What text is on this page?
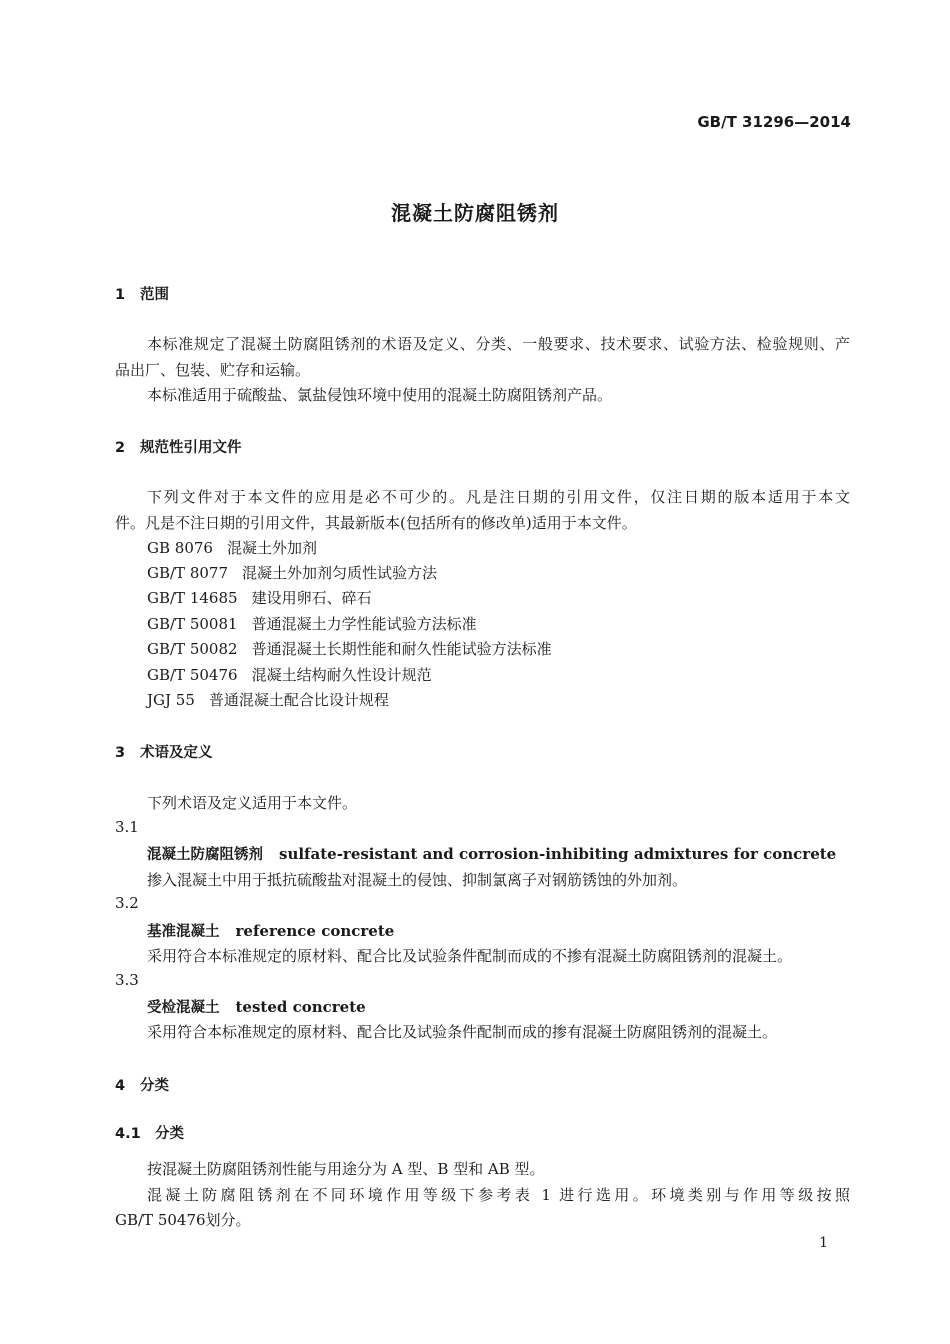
GB/T 31296—2014
混凝土防腐阻锈剂
1 范围
本标准规定了混凝土防腐阻锈剂的术语及定义、分类、一般要求、技术要求、试验方法、检验规则、产
品出厂、包装、贮存和运输。
本标准适用于硫酸盐、氯盐侵蚀环境中使用的混凝土防腐阻锈剂产品。
2 规范性引用文件
下列文件对于本文件的应用是必不可少的。凡是注日期的引用文件，仅注日期的版本适用于本文
件。凡是不注日期的引用文件，其最新版本(包括所有的修改单)适用于本文件。
GB 8076 混凝土外加剂
GB/T 8077 混凝土外加剂匀质性试验方法
GB/T 14685 建设用卵石、碎石
GB/T 50081 普通混凝土力学性能试验方法标准
GB/T 50082 普通混凝土长期性能和耐久性能试验方法标准
GB/T 50476 混凝土结构耐久性设计规范
JGJ 55 普通混凝土配合比设计规程
3 术语及定义
下列术语及定义适用于本文件。
3.1
混凝土防腐阻锈剂 sulfate-resistant and corrosion-inhibiting admixtures for concrete
掺入混凝土中用于抵抗硫酸盐对混凝土的侵蚀、抑制氯离子对钢筋锈蚀的外加剂。
3.2
基准混凝土 reference concrete
采用符合本标准规定的原材料、配合比及试验条件配制而成的不掺有混凝土防腐阻锈剂的混凝土。
3.3
受检混凝土 tested concrete
采用符合本标准规定的原材料、配合比及试验条件配制而成的掺有混凝土防腐阻锈剂的混凝土。
4 分类
4.1 分类
按混凝土防腐阻锈剂性能与用途分为 A 型、B 型和 AB 型。
混凝土防腐阻锈剂在不同环境作用等级下参考表 1 进行选用。环境类别与作用等级按照
GB/T 50476划分。
1
